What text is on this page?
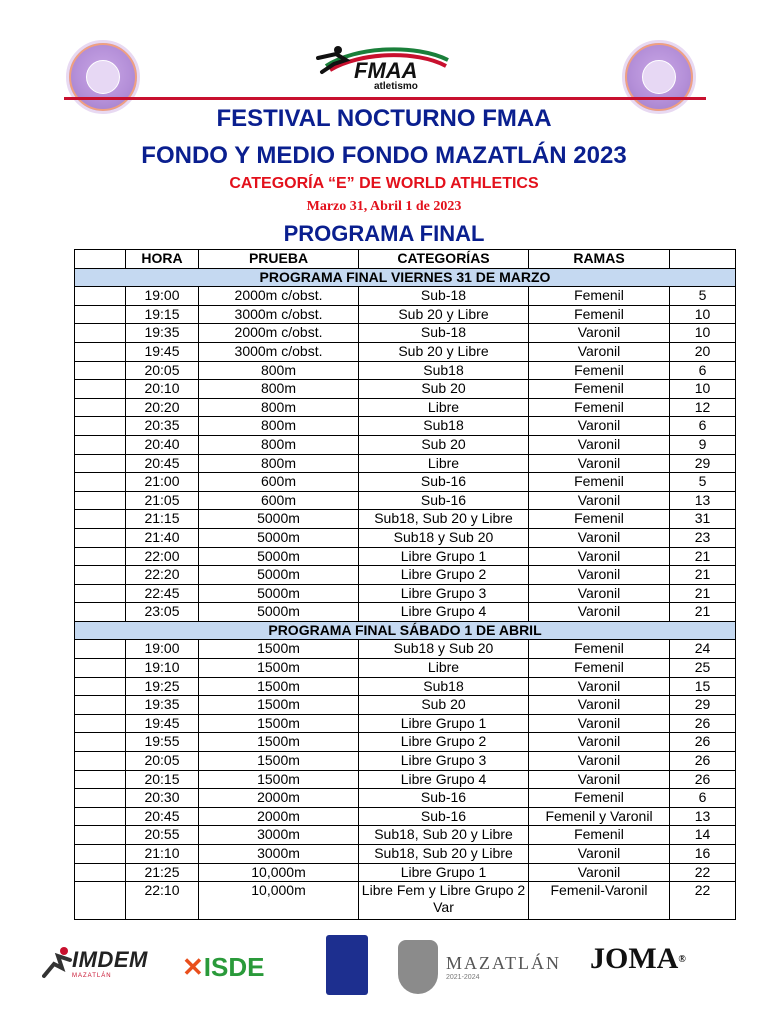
FMAA
atletismo
FESTIVAL NOCTURNO FMAA
FONDO Y MEDIO FONDO MAZATLÁN 2023
CATEGORÍA “E” DE WORLD ATHLETICS
Marzo 31, Abril 1 de 2023
PROGRAMA FINAL
	HORA	PRUEBA	CATEGORÍAS	RAMAS	
PROGRAMA FINAL VIERNES 31 DE MARZO					
	19:00	2000m c/obst.	Sub-18	Femenil	5
	19:15	3000m c/obst.	Sub 20 y Libre	Femenil	10
	19:35	2000m c/obst.	Sub-18	Varonil	10
	19:45	3000m c/obst.	Sub 20 y Libre	Varonil	20
	20:05	800m	Sub18	Femenil	6
	20:10	800m	Sub 20	Femenil	10
	20:20	800m	Libre	Femenil	12
	20:35	800m	Sub18	Varonil	6
	20:40	800m	Sub 20	Varonil	9
	20:45	800m	Libre	Varonil	29
	21:00	600m	Sub-16	Femenil	5
	21:05	600m	Sub-16	Varonil	13
	21:15	5000m	Sub18, Sub 20 y Libre	Femenil	31
	21:40	5000m	Sub18 y Sub 20	Varonil	23
	22:00	5000m	Libre Grupo 1	Varonil	21
	22:20	5000m	Libre Grupo 2	Varonil	21
	22:45	5000m	Libre Grupo 3	Varonil	21
	23:05	5000m	Libre Grupo 4	Varonil	21
PROGRAMA FINAL SÁBADO 1 DE ABRIL					
	19:00	1500m	Sub18 y Sub 20	Femenil	24
	19:10	1500m	Libre	Femenil	25
	19:25	1500m	Sub18	Varonil	15
	19:35	1500m	Sub 20	Varonil	29
	19:45	1500m	Libre Grupo 1	Varonil	26
	19:55	1500m	Libre Grupo 2	Varonil	26
	20:05	1500m	Libre Grupo 3	Varonil	26
	20:15	1500m	Libre Grupo 4	Varonil	26
	20:30	2000m	Sub-16	Femenil	6
	20:45	2000m	Sub-16	Femenil y Varonil	13
	20:55	3000m	Sub18, Sub 20 y Libre	Femenil	14
	21:10	3000m	Sub18, Sub 20 y Libre	Varonil	16
	21:25	10,000m	Libre Grupo 1	Varonil	22
	22:10	10,000m	Libre Fem y Libre Grupo 2 Var	Femenil-Varonil	22
IMDEM
MAZATLÁN	✕ ISDE	MAZATLÁN
2021-2024
JOMA ®
